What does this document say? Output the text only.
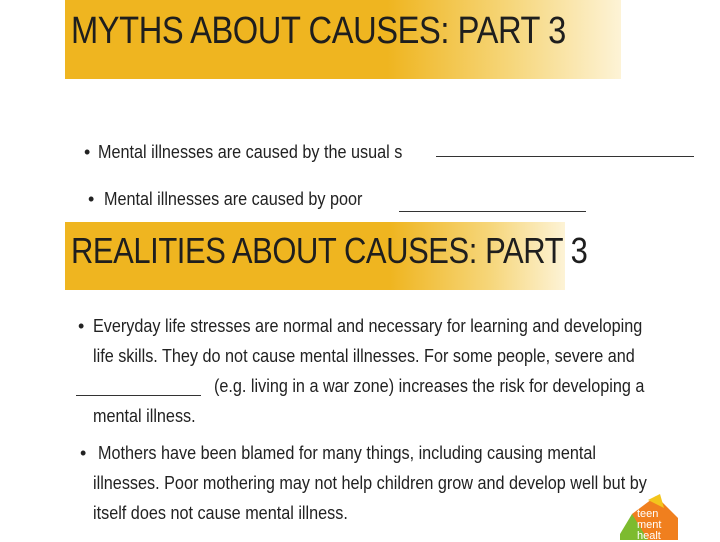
MYTHS ABOUT CAUSES: PART 3
• Mental illnesses are caused by the usual s
• Mental illnesses are caused by poor
REALITIES ABOUT CAUSES: PART 3
• Everyday life stresses are normal and necessary for learning and developing
life skills. They do not cause mental illnesses. For some people, severe and
(e.g. living in a war zone) increases the risk for developing a
mental illness.
• Mothers have been blamed for many things, including causing mental
illnesses. Poor mothering may not help children grow and develop well but by
itself does not cause mental illness.	teen
ment
healt
